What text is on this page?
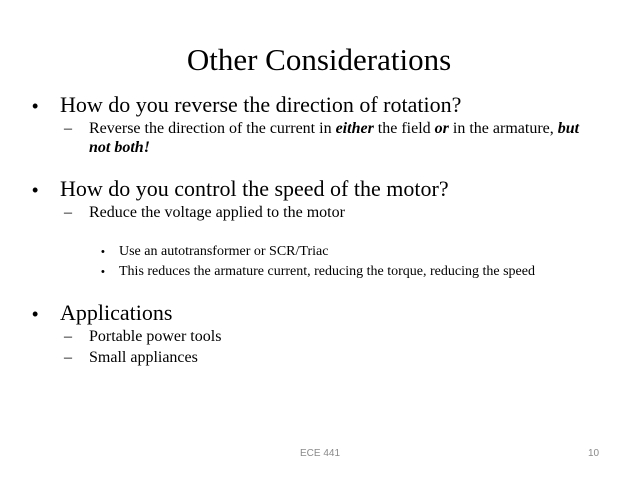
Other Considerations
• How do you reverse the direction of rotation?
– Reverse the direction of the current in either the field or in the armature, but not both!
• How do you control the speed of the motor?
– Reduce the voltage applied to the motor
• Use an autotransformer or SCR/Triac
• This reduces the armature current, reducing the torque, reducing the speed
• Applications
– Portable power tools
– Small appliances
ECE 441	10
